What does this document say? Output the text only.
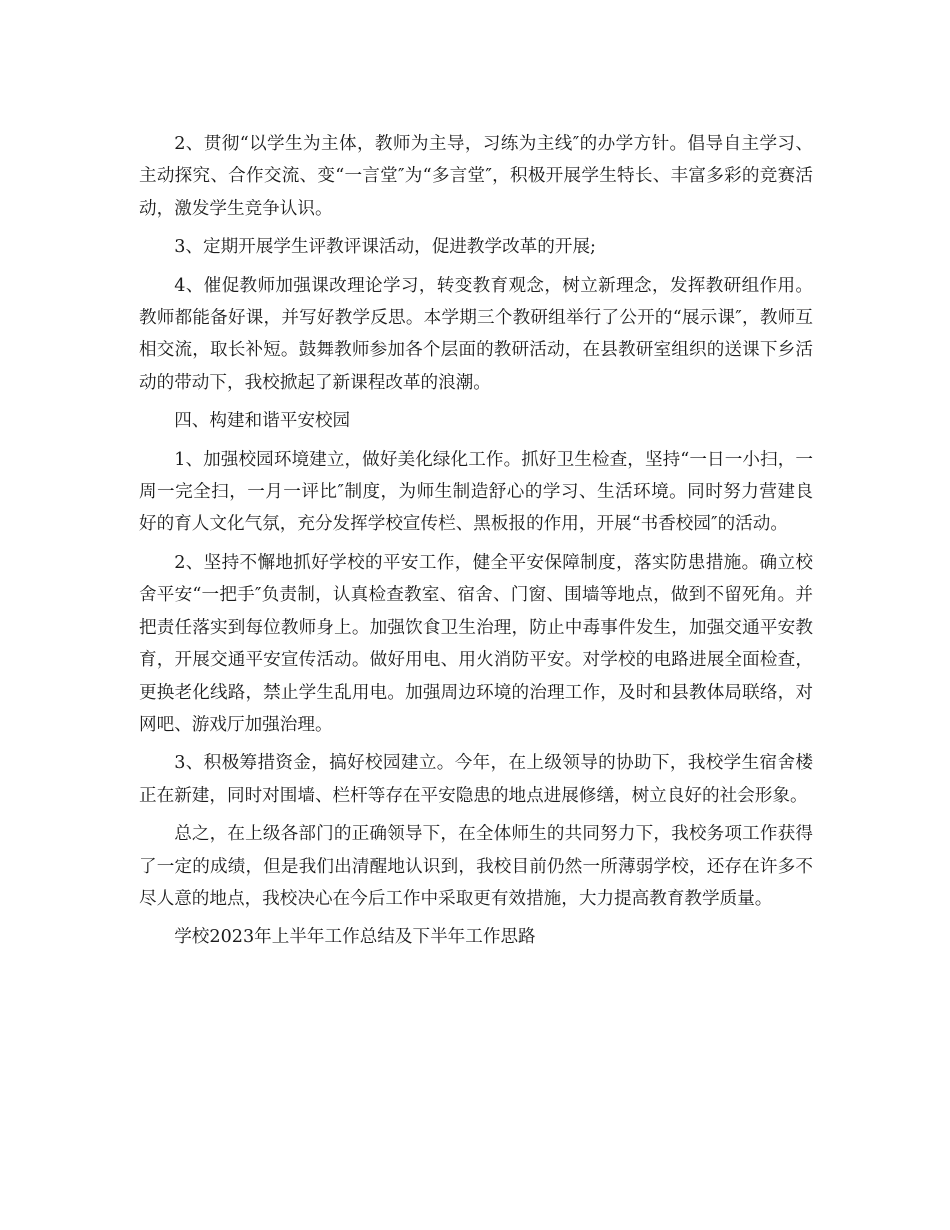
2、贯彻“以学生为主体，教师为主导，习练为主线″的办学方针。倡导自主学习、主动探究、合作交流、变“一言堂″为“多言堂″，积极开展学生特长、丰富多彩的竞赛活动，激发学生竞争认识。

3、定期开展学生评教评课活动，促进教学改革的开展;

4、催促教师加强课改理论学习，转变教育观念，树立新理念，发挥教研组作用。教师都能备好课，并写好教学反思。本学期三个教研组举行了公开的“展示课″，教师互相交流，取长补短。鼓舞教师参加各个层面的教研活动，在县教研室组织的送课下乡活动的带动下，我校掀起了新课程改革的浪潮。

四、构建和谐平安校园

1、加强校园环境建立，做好美化绿化工作。抓好卫生检查，坚持“一日一小扫，一周一完全扫，一月一评比″制度，为师生制造舒心的学习、生活环境。同时努力营建良好的育人文化气氛，充分发挥学校宣传栏、黑板报的作用，开展“书香校园″的活动。

2、坚持不懈地抓好学校的平安工作，健全平安保障制度，落实防患措施。确立校舍平安“一把手″负责制，认真检查教室、宿舍、门窗、围墙等地点，做到不留死角。并把责任落实到每位教师身上。加强饮食卫生治理，防止中毒事件发生，加强交通平安教育，开展交通平安宣传活动。做好用电、用火消防平安。对学校的电路进展全面检查，更换老化线路，禁止学生乱用电。加强周边环境的治理工作，及时和县教体局联络，对网吧、游戏厅加强治理。

3、积极筹措资金，搞好校园建立。今年，在上级领导的协助下，我校学生宿舍楼正在新建，同时对围墙、栏杆等存在平安隐患的地点进展修缮，树立良好的社会形象。

总之，在上级各部门的正确领导下，在全体师生的共同努力下，我校务项工作获得了一定的成绩，但是我们出清醒地认识到，我校目前仍然一所薄弱学校，还存在许多不尽人意的地点，我校决心在今后工作中采取更有效措施，大力提高教育教学质量。

学校2023年上半年工作总结及下半年工作思路
